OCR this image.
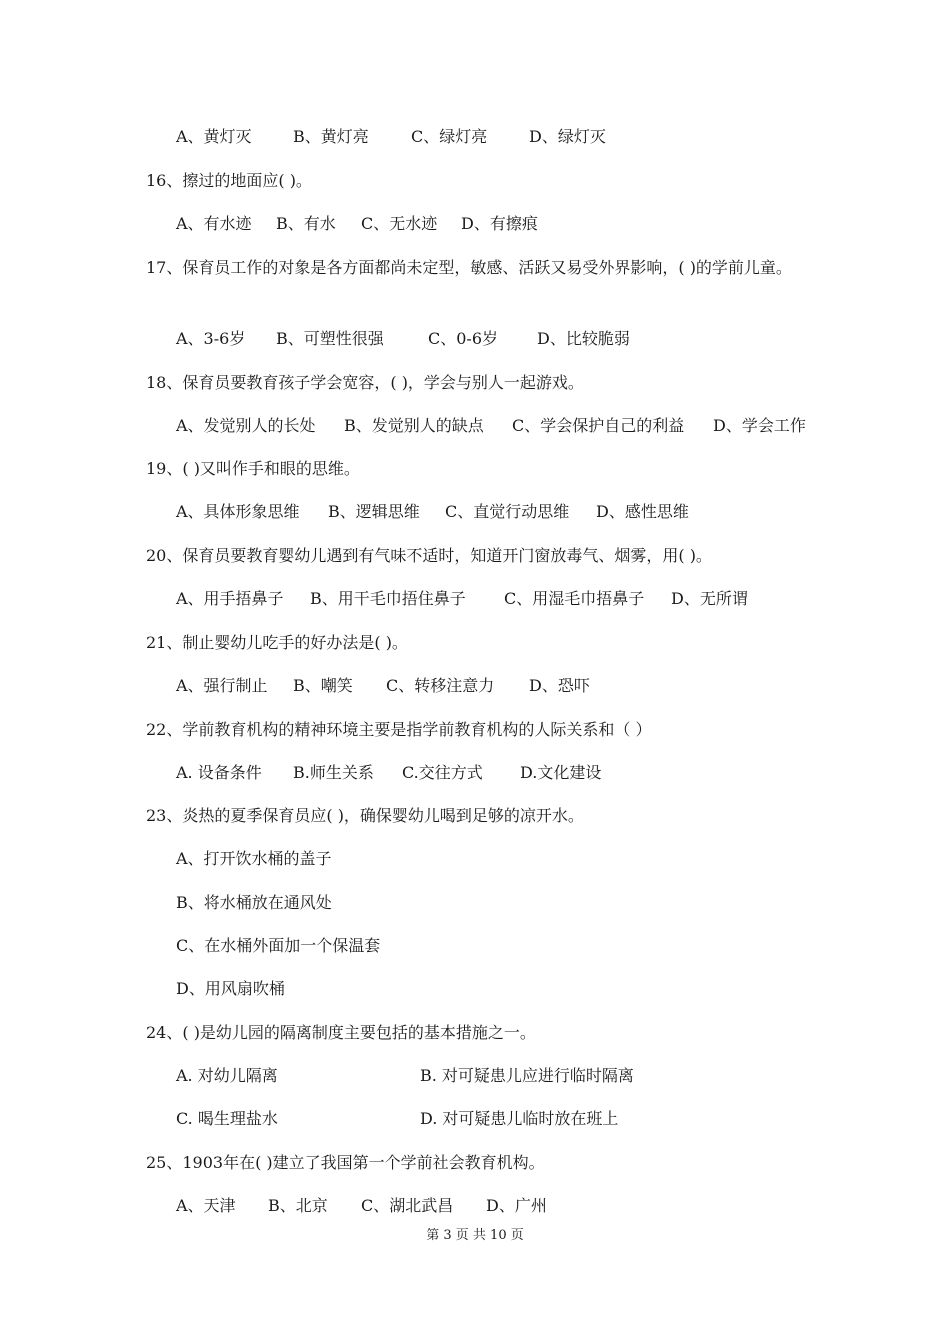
A、黄灯灭	B、黄灯亮	C、绿灯亮	D、绿灯灭
16、擦过的地面应( )。
A、有水迹 B、有水 C、无水迹 D、有擦痕
17、保育员工作的对象是各方面都尚未定型，敏感、活跃又易受外界影响，( )的学前儿童。
A、3-6岁 B、可塑性很强	C、0-6岁 D、比较脆弱
18、保育员要教育孩子学会宽容，( )，学会与别人一起游戏。
A、发觉别人的长处 B、发觉别人的缺点 C、学会保护自己的利益 D、学会工作
19、( )又叫作手和眼的思维。
A、具体形象思维 B、逻辑思维 C、直觉行动思维 D、感性思维
20、保育员要教育婴幼儿遇到有气味不适时，知道开门窗放毒气、烟雾，用( )。
A、用手捂鼻子 B、用干毛巾捂住鼻子 C、用湿毛巾捂鼻子 D、无所谓
21、制止婴幼儿吃手的好办法是( )。
A、强行制止 B、嘲笑 C、转移注意力 D、恐吓
22、学前教育机构的精神环境主要是指学前教育机构的人际关系和（ ）
A. 设备条件 B.师生关系 C.交往方式 D.文化建设
23、炎热的夏季保育员应( )，确保婴幼儿喝到足够的凉开水。
A、打开饮水桶的盖子
B、将水桶放在通风处
C、在水桶外面加一个保温套
D、用风扇吹桶
24、( )是幼儿园的隔离制度主要包括的基本措施之一。
A. 对幼儿隔离	B. 对可疑患儿应进行临时隔离
C. 喝生理盐水	D. 对可疑患儿临时放在班上
25、1903年在( )建立了我国第一个学前社会教育机构。
A、天津 B、北京 C、湖北武昌 D、广州
第 3 页 共 10 页
